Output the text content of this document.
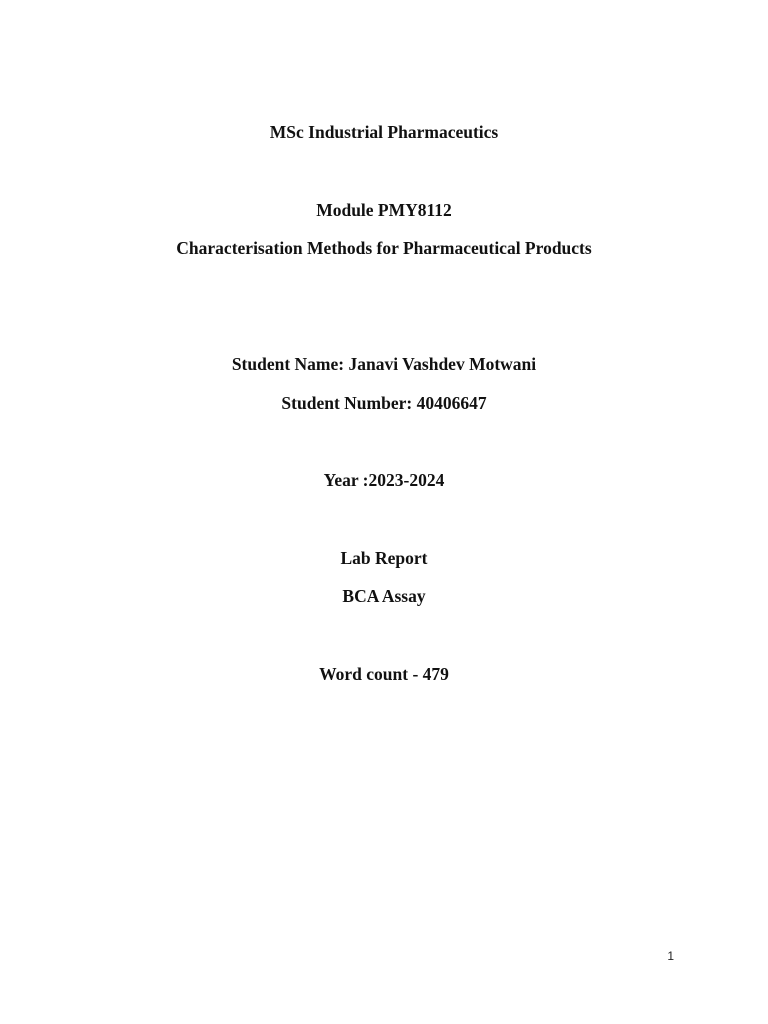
MSc Industrial Pharmaceutics
Module PMY8112
Characterisation Methods for Pharmaceutical Products
Student Name: Janavi Vashdev Motwani
Student Number: 40406647
Year :2023-2024
Lab Report
BCA Assay
Word count - 479
1
